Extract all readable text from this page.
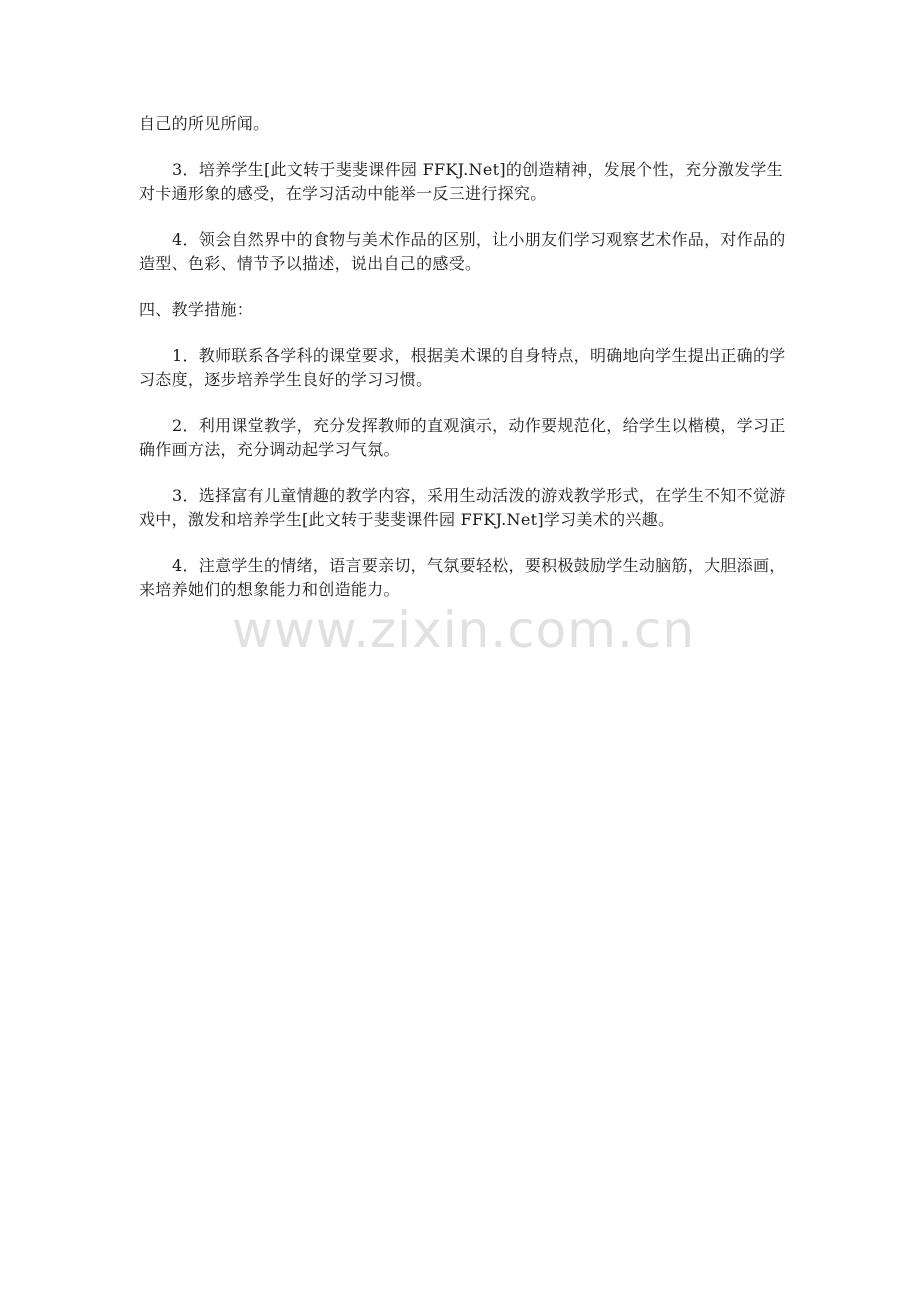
自己的所见所闻。

3．培养学生[此文转于斐斐课件园 FFKJ.Net]的创造精神，发展个性，充分激发学生对卡通形象的感受，在学习活动中能举一反三进行探究。

4．领会自然界中的食物与美术作品的区别，让小朋友们学习观察艺术作品，对作品的造型、色彩、情节予以描述，说出自己的感受。

四、教学措施：

1．教师联系各学科的课堂要求，根据美术课的自身特点，明确地向学生提出正确的学习态度，逐步培养学生良好的学习习惯。

2．利用课堂教学，充分发挥教师的直观演示，动作要规范化，给学生以楷模，学习正确作画方法，充分调动起学习气氛。

3．选择富有儿童情趣的教学内容，采用生动活泼的游戏教学形式，在学生不知不觉游戏中，激发和培养学生[此文转于斐斐课件园 FFKJ.Net]学习美术的兴趣。

4．注意学生的情绪，语言要亲切，气氛要轻松，要积极鼓励学生动脑筋，大胆添画，来培养她们的想象能力和创造能力。

www.zixin.com.cn
